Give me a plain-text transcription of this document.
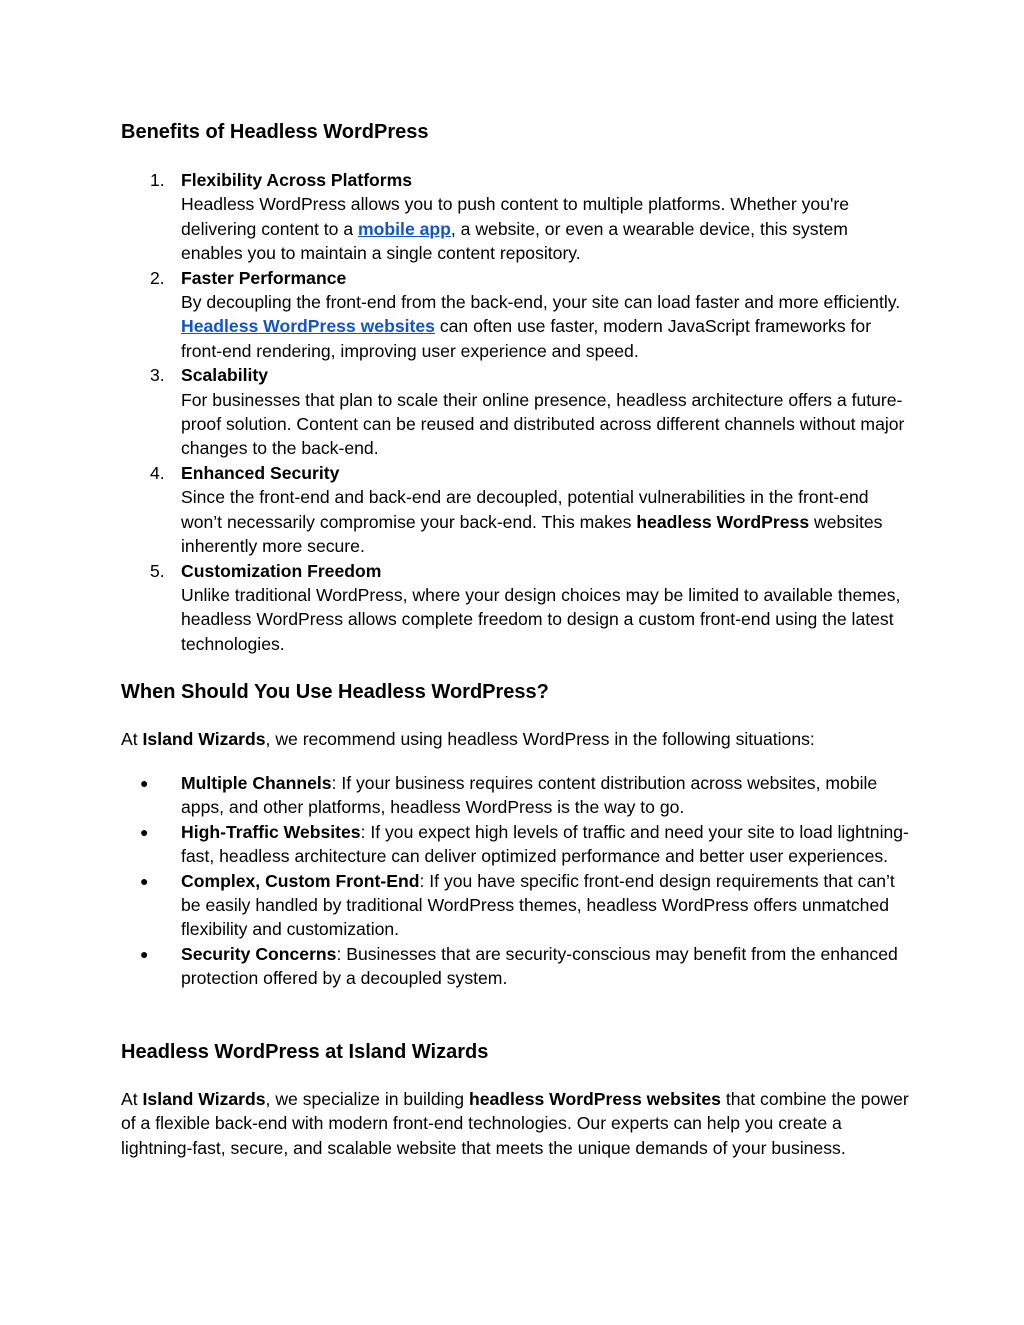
Benefits of Headless WordPress
1. Flexibility Across Platforms
Headless WordPress allows you to push content to multiple platforms. Whether you're delivering content to a mobile app, a website, or even a wearable device, this system enables you to maintain a single content repository.
2. Faster Performance
By decoupling the front-end from the back-end, your site can load faster and more efficiently. Headless WordPress websites can often use faster, modern JavaScript frameworks for front-end rendering, improving user experience and speed.
3. Scalability
For businesses that plan to scale their online presence, headless architecture offers a future-proof solution. Content can be reused and distributed across different channels without major changes to the back-end.
4. Enhanced Security
Since the front-end and back-end are decoupled, potential vulnerabilities in the front-end won’t necessarily compromise your back-end. This makes headless WordPress websites inherently more secure.
5. Customization Freedom
Unlike traditional WordPress, where your design choices may be limited to available themes, headless WordPress allows complete freedom to design a custom front-end using the latest technologies.
When Should You Use Headless WordPress?

At Island Wizards, we recommend using headless WordPress in the following situations:

● Multiple Channels: If your business requires content distribution across websites, mobile apps, and other platforms, headless WordPress is the way to go.
● High-Traffic Websites: If you expect high levels of traffic and need your site to load lightning-fast, headless architecture can deliver optimized performance and better user experiences.
● Complex, Custom Front-End: If you have specific front-end design requirements that can’t be easily handled by traditional WordPress themes, headless WordPress offers unmatched flexibility and customization.
● Security Concerns: Businesses that are security-conscious may benefit from the enhanced protection offered by a decoupled system.
Headless WordPress at Island Wizards

At Island Wizards, we specialize in building headless WordPress websites that combine the power of a flexible back-end with modern front-end technologies. Our experts can help you create a lightning-fast, secure, and scalable website that meets the unique demands of your business.
